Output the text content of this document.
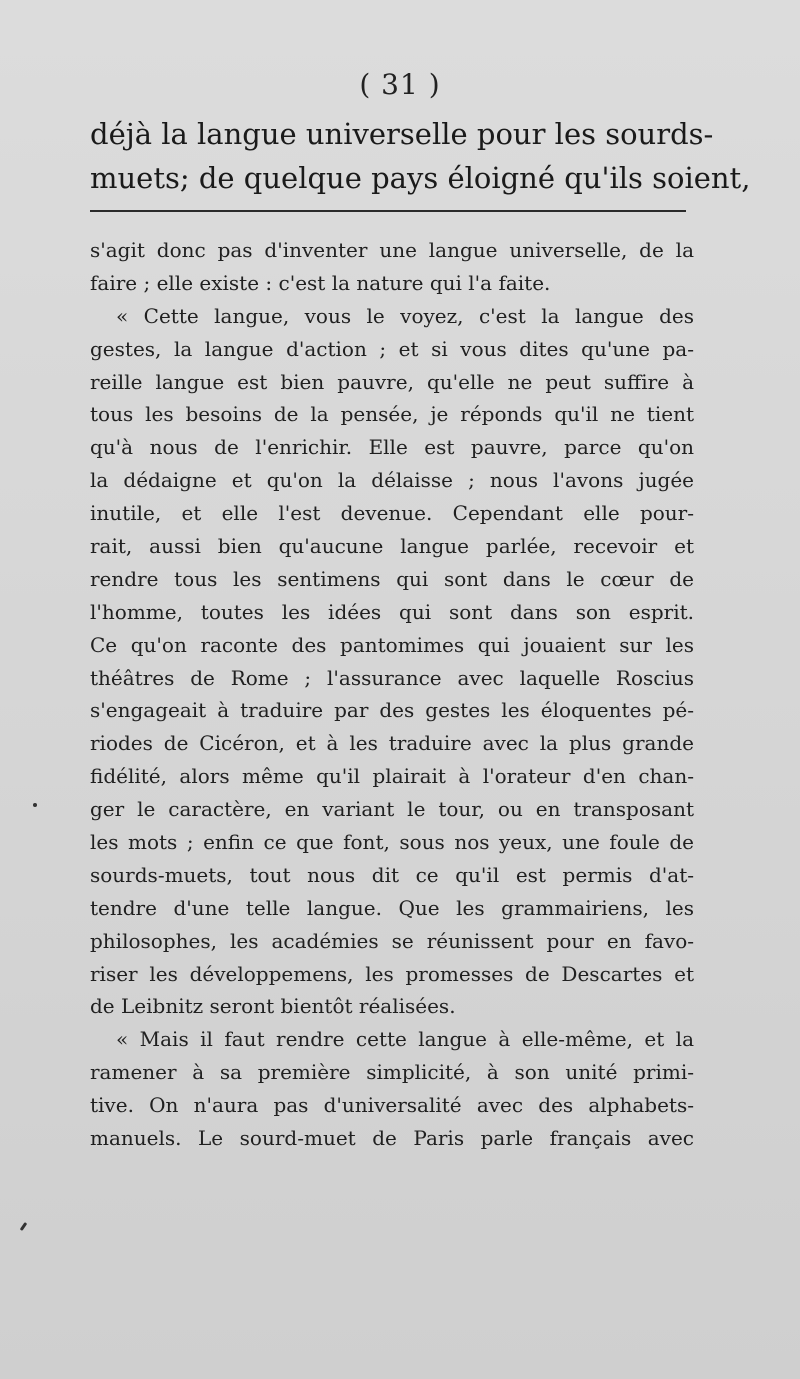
( 31 )
déjà la langue universelle pour les sourds-
muets; de quelque pays éloigné qu'ils soient,
s'agit donc pas d'inventer une langue universelle, de la
faire ; elle existe : c'est la nature qui l'a faite.
« Cette langue, vous le voyez, c'est la langue des
gestes, la langue d'action ; et si vous dites qu'une pa-
reille langue est bien pauvre, qu'elle ne peut suffire à
tous les besoins de la pensée, je réponds qu'il ne tient
qu'à nous de l'enrichir. Elle est pauvre, parce qu'on
la dédaigne et qu'on la délaisse ; nous l'avons jugée
inutile, et elle l'est devenue. Cependant elle pour-
rait, aussi bien qu'aucune langue parlée, recevoir et
rendre tous les sentimens qui sont dans le cœur de
l'homme, toutes les idées qui sont dans son esprit.
Ce qu'on raconte des pantomimes qui jouaient sur les
théâtres de Rome ; l'assurance avec laquelle Roscius
s'engageait à traduire par des gestes les éloquentes pé-
riodes de Cicéron, et à les traduire avec la plus grande
fidélité, alors même qu'il plairait à l'orateur d'en chan-
ger le caractère, en variant le tour, ou en transposant
les mots ; enfin ce que font, sous nos yeux, une foule de
sourds-muets, tout nous dit ce qu'il est permis d'at-
tendre d'une telle langue. Que les grammairiens, les
philosophes, les académies se réunissent pour en favo-
riser les développemens, les promesses de Descartes et
de Leibnitz seront bientôt réalisées.
« Mais il faut rendre cette langue à elle-même, et la
ramener à sa première simplicité, à son unité primi-
tive. On n'aura pas d'universalité avec des alphabets-
manuels. Le sourd-muet de Paris parle français avec
